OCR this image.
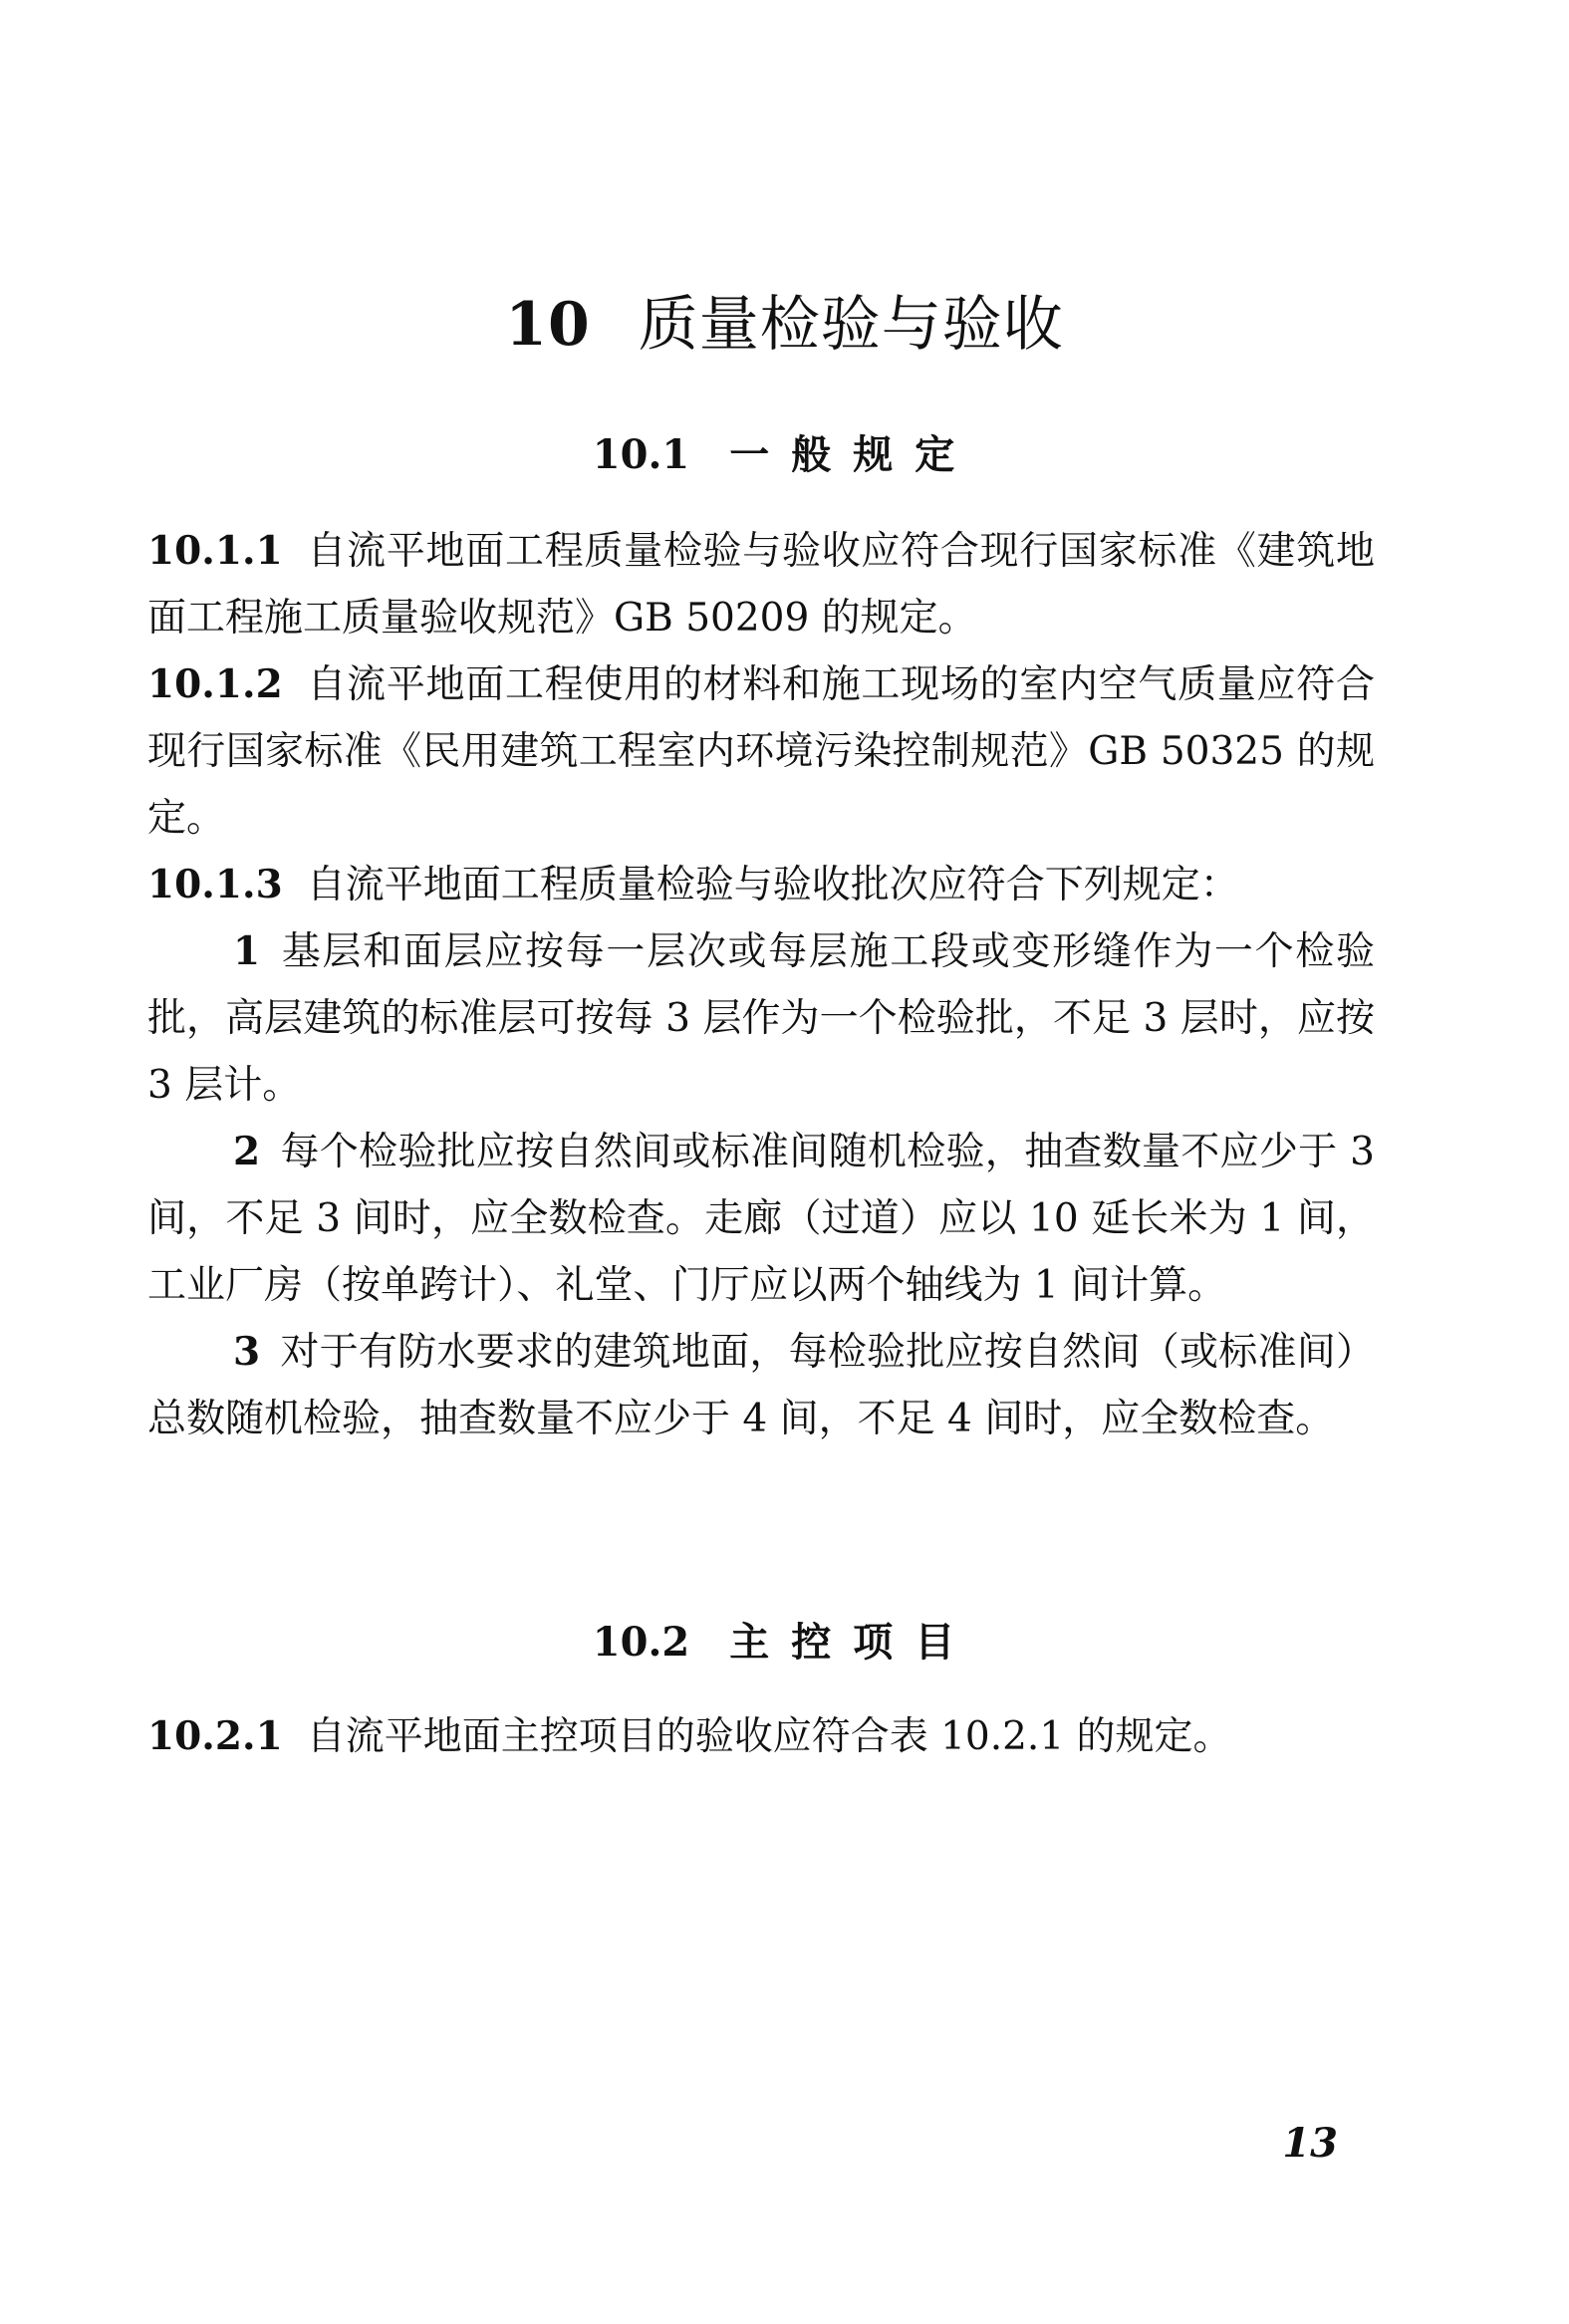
10 质量检验与验收
10.1 一般规定

10.1.1 自流平地面工程质量检验与验收应符合现行国家标准《建筑地面工程施工质量验收规范》GB 50209 的规定。

10.1.2 自流平地面工程使用的材料和施工现场的室内空气质量应符合现行国家标准《民用建筑工程室内环境污染控制规范》GB 50325 的规定。

10.1.3 自流平地面工程质量检验与验收批次应符合下列规定：

1 基层和面层应按每一层次或每层施工段或变形缝作为一个检验批，高层建筑的标准层可按每 3 层作为一个检验批，不足 3 层时，应按 3 层计。

2 每个检验批应按自然间或标准间随机检验，抽查数量不应少于 3 间，不足 3 间时，应全数检查。走廊（过道）应以 10 延长米为 1 间，工业厂房（按单跨计）、礼堂、门厅应以两个轴线为 1 间计算。

3 对于有防水要求的建筑地面，每检验批应按自然间（或标准间）总数随机检验，抽查数量不应少于 4 间，不足 4 间时，应全数检查。

10.2 主控项目

10.2.1 自流平地面主控项目的验收应符合表 10.2.1 的规定。

13
